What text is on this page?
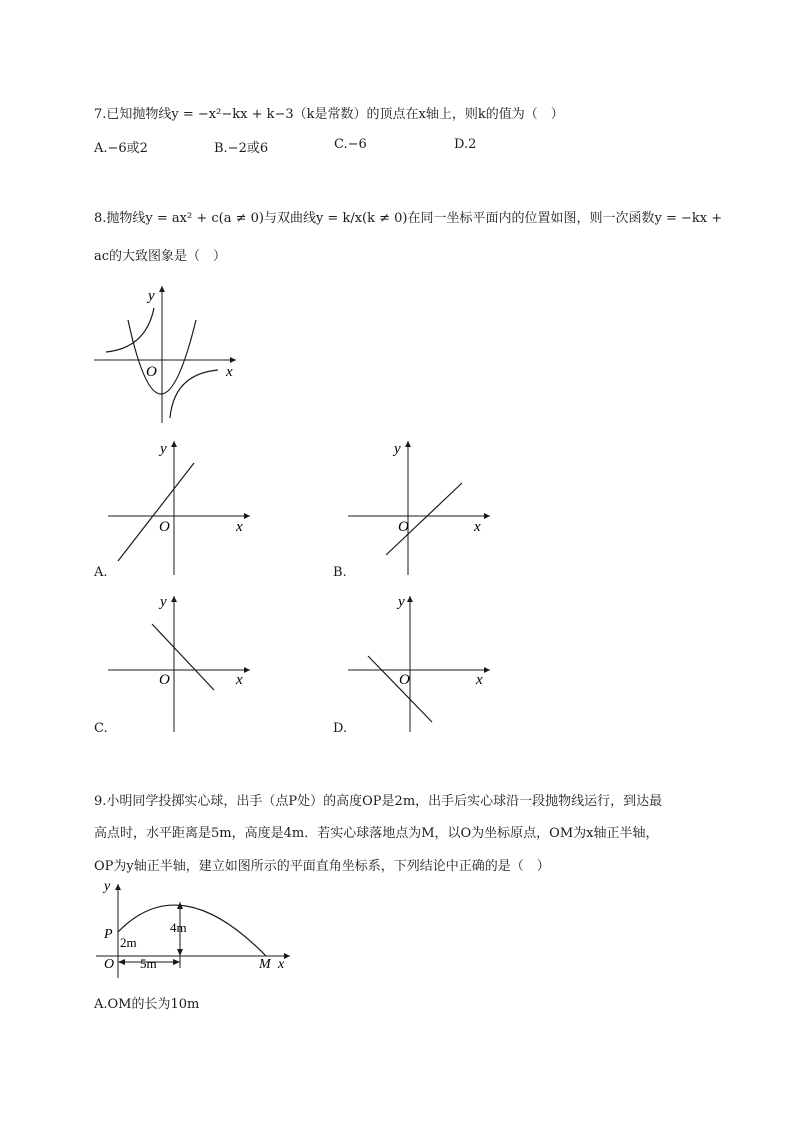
7.已知抛物线y = −x²−kx + k−3（k是常数）的顶点在x轴上，则k的值为（　）
A.−6或2	B.−2或6	C.−6	D.2
8.抛物线y = ax² + c(a ≠ 0)与双曲线y = k/x(k ≠ 0)在同一坐标平面内的位置如图，则一次函数y = −kx +
ac的大致图象是（　）
y
x
O
y
x
O
A.
y
x
O
B.
y
x
O
C.
y
x
O
D.
9.小明同学投掷实心球，出手（点P处）的高度OP是2m，出手后实心球沿一段抛物线运行，到达最
高点时，水平距离是5m，高度是4m．若实心球落地点为M，以O为坐标原点，OM为x轴正半轴，
OP为y轴正半轴，建立如图所示的平面直角坐标系，下列结论中正确的是（　）
y
x
P
O	M
2m
4m
5m
A.OM的长为10m
